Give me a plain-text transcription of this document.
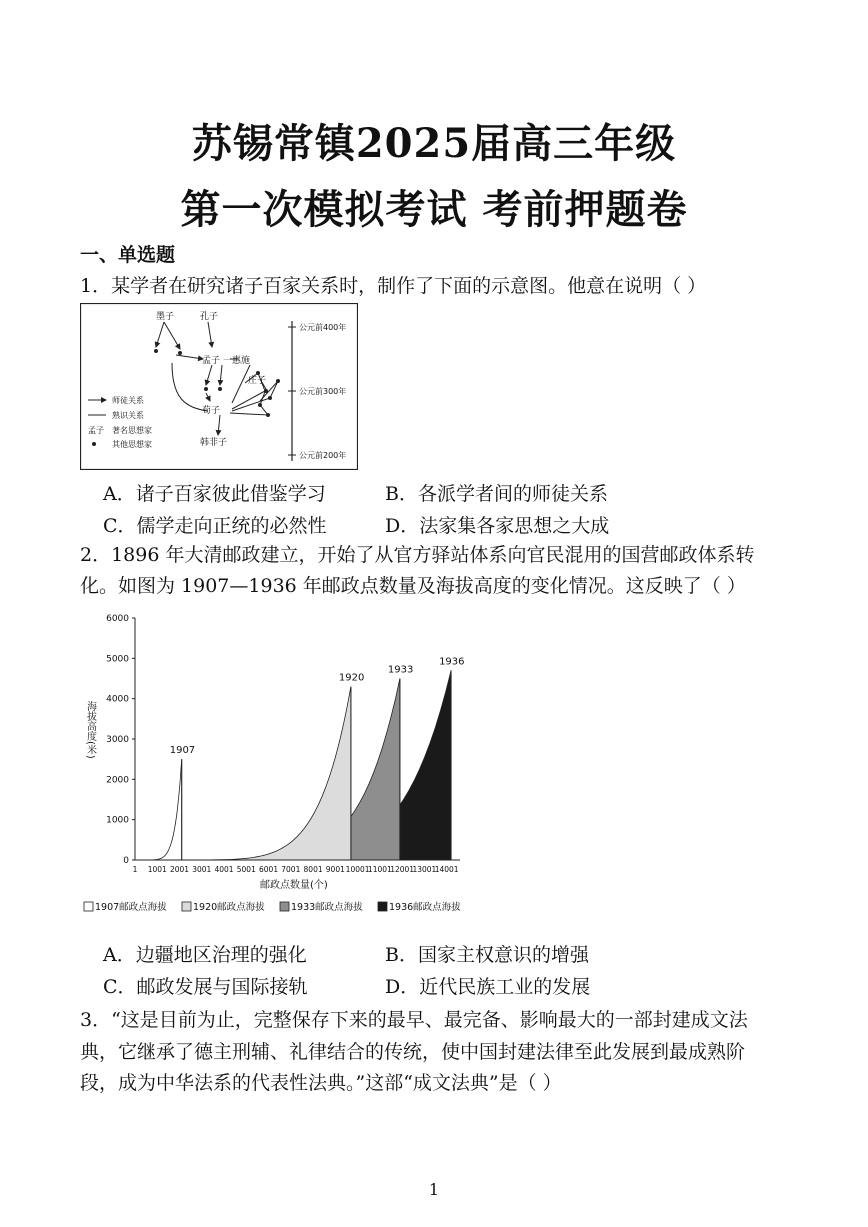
苏锡常镇2025届高三年级
第一次模拟考试 考前押题卷
一、单选题
1．某学者在研究诸子百家关系时，制作了下面的示意图。他意在说明（ ）
墨子	孔子
孟子 一 惠施
庄子
荀子
韩非子
公元前400年
公元前300年
公元前200年
师徒关系
熟识关系
孟子 著名思想家
其他思想家
A．诸子百家彼此借鉴学习	B．各派学者间的师徒关系
C．儒学走向正统的必然性	D．法家集各家思想之大成
2．1896 年大清邮政建立，开始了从官方驿站体系向官民混用的国营邮政体系转
化。如图为 1907—1936 年邮政点数量及海拔高度的变化情况。这反映了（ ）
1936
1933
1920
1907
0
1000
2000
3000
4000
5000
6000
1 1001 2001 3001 4001 5001 6001 7001 8001 9001 10001
11001
12001
13001
14001
海拔高度(米)
邮政点数量(个)
1907邮政点海拔	1920邮政点海拔	1933邮政点海拔	1936邮政点海拔
A．边疆地区治理的强化	B．国家主权意识的增强
C．邮政发展与国际接轨	D．近代民族工业的发展
3．“这是目前为止，完整保存下来的最早、最完备、影响最大的一部封建成文法
典，它继承了德主刑辅、礼律结合的传统，使中国封建法律至此发展到最成熟阶
段，成为中华法系的代表性法典。”这部“成文法典”是（ ）
1
